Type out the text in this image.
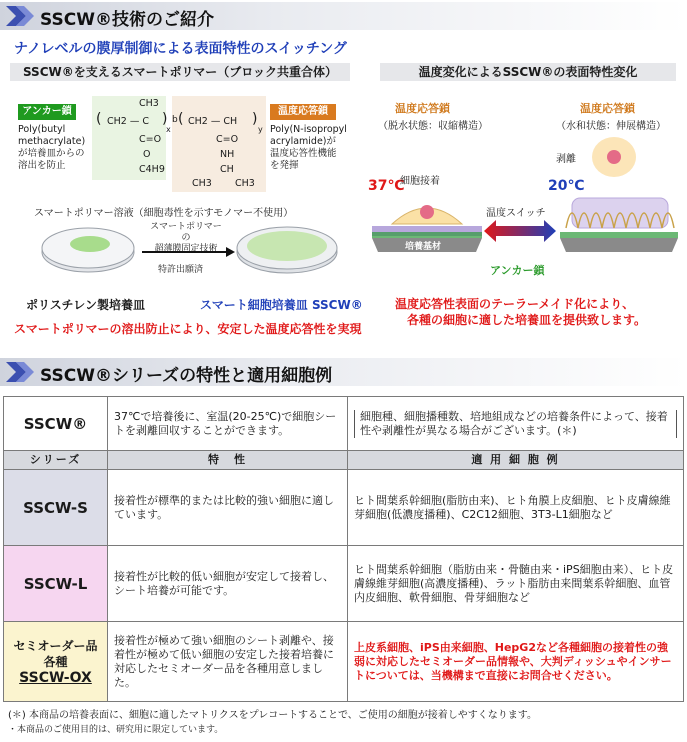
SSCW®技術のご紹介
ナノレベルの膜厚制御による表面特性のスイッチング
SSCW®を支えるスマートポリマー（ブロック共重合体）
アンカー鎖
Poly(butyl
methacrylate)
が培養皿からの
溶出を防止
CH3
CH2 — C
(	)
x
b
C=O
O
C4H9
CH2 — CH
(	)
y
C=O
NH
CH
CH3 CH3
温度応答鎖
Poly(N-isopropyl
acrylamide)が
温度応答性機能
を発揮
スマートポリマー溶液（細胞毒性を示すモノマー不使用）
スマートポリマーの
超薄膜固定技術
特許出願済
ポリスチレン製培養皿	スマート細胞培養皿 SSCW®
スマートポリマーの溶出防止により、安定した温度応答性を実現
温度変化によるSSCW®の表面特性変化
温度応答鎖
（脱水状態：収縮構造）
温度応答鎖
（水和状態：伸展構造）
剥離
37℃
細胞接着	20℃
培養基材
温度スイッチ
アンカー鎖
温度応答性表面のテーラーメイド化により、
各種の細胞に適した培養皿を提供致します。
SSCW®シリーズの特性と適用細胞例
SSCW®	37℃で培養後に、室温(20-25℃)で細胞シートを剥離回収することができます。	細胞種、細胞播種数、培地組成などの培養条件によって、接着性や剥離性が異なる場合がございます。(＊)

シリーズ	特　性	適 用 細 胞 例
SSCW-S	接着性が標準的または比較的強い細胞に適しています。	ヒト間葉系幹細胞(脂肪由来)、ヒト角膜上皮細胞、ヒト皮膚線維芽細胞(低濃度播種)、C2C12細胞、3T3-L1細胞など
SSCW-L	接着性が比較的低い細胞が安定して接着し、シート培養が可能です。	ヒト間葉系幹細胞（脂肪由来・骨髄由来・iPS細胞由来）、ヒト皮膚線維芽細胞(高濃度播種)、ラット脂肪由来間葉系幹細胞、血管内皮細胞、軟骨細胞、骨芽細胞など

セミオーダー品
各種
SSCW-OX	接着性が極めて強い細胞のシート剥離や、接着性が極めて低い細胞の安定した接着培養に対応したセミオーダー品を各種用意しました。	上皮系細胞、iPS由来細胞、HepG2など各種細胞の接着性の強弱に対応したセミオーダー品情報や、大判ディッシュやインサートについては、当機構まで直接にお問合せください。
(＊) 本商品の培養表面に、細胞に適したマトリクスをプレコートすることで、ご使用の細胞が接着しやすくなります。
・本商品のご使用目的は、研究用に限定しています。
